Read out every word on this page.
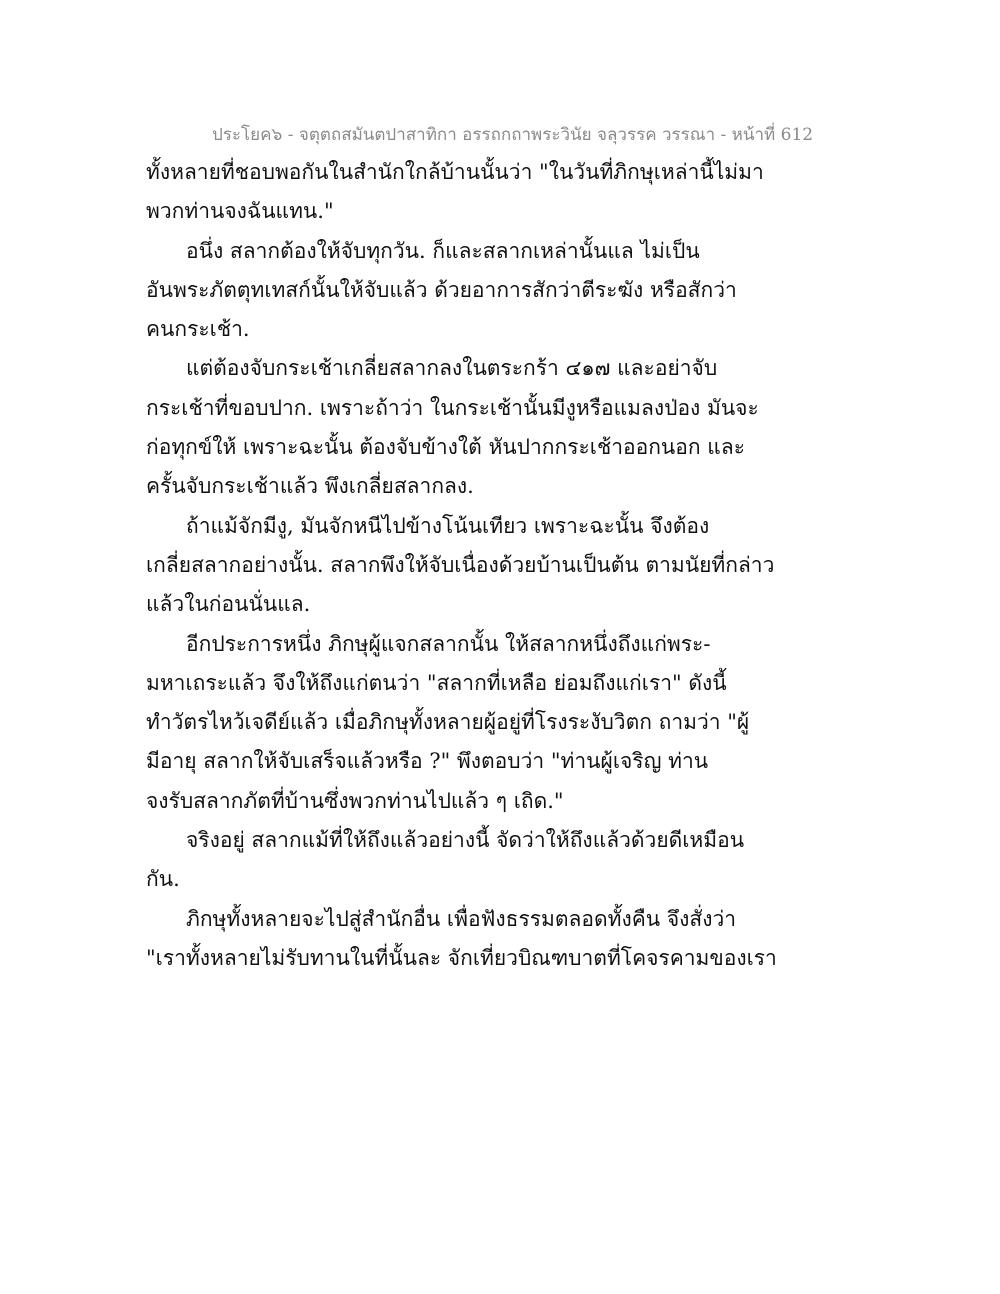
ประโยค๖ - จตุตถสมันตปาสาทิกา อรรถกถาพระวินัย จลุวรรค วรรณา - หน้าที่ 612
ทั้งหลายที่ชอบพอกันในสำนักใกล้บ้านนั้นว่า "ในวันที่ภิกษุเหล่านี้ไม่มา
พวกท่านจงฉันแทน."
อนึ่ง สลากต้องให้จับทุกวัน. ก็และสลากเหล่านั้นแล ไม่เป็น
อันพระภัตตุทเทสก์นั้นให้จับแล้ว ด้วยอาการสักว่าตีระฆัง หรือสักว่า
คนกระเช้า.
แต่ต้องจับกระเช้าเกลี่ยสลากลงในตระกร้า ๔๑๗ และอย่าจับ
กระเช้าที่ขอบปาก. เพราะถ้าว่า ในกระเช้านั้นมีงูหรือแมลงป่อง มันจะ
ก่อทุกข์ให้ เพราะฉะนั้น ต้องจับข้างใต้ หันปากกระเช้าออกนอก และ
ครั้นจับกระเช้าแล้ว พึงเกลี่ยสลากลง.
ถ้าแม้จักมีงู, มันจักหนีไปข้างโน้นเทียว เพราะฉะนั้น จึงต้อง
เกลี่ยสลากอย่างนั้น. สลากพึงให้จับเนื่องด้วยบ้านเป็นต้น ตามนัยที่กล่าว
แล้วในก่อนนั่นแล.
อีกประการหนึ่ง ภิกษุผู้แจกสลากนั้น ให้สลากหนึ่งถึงแก่พระ-
มหาเถระแล้ว จึงให้ถึงแก่ตนว่า "สลากที่เหลือ ย่อมถึงแก่เรา" ดังนี้
ทำวัตรไหว้เจดีย์แล้ว เมื่อภิกษุทั้งหลายผู้อยู่ที่โรงระงับวิตก ถามว่า "ผู้
มีอายุ สลากให้จับเสร็จแล้วหรือ ?" พึงตอบว่า "ท่านผู้เจริญ ท่าน
จงรับสลากภัตที่บ้านซึ่งพวกท่านไปแล้ว ๆ เถิด."
จริงอยู่ สลากแม้ที่ให้ถึงแล้วอย่างนี้ จัดว่าให้ถึงแล้วด้วยดีเหมือน
กัน.
ภิกษุทั้งหลายจะไปสู่สำนักอื่น เพื่อฟังธรรมตลอดทั้งคืน จึงสั่งว่า
"เราทั้งหลายไม่รับทานในที่นั้นละ จักเที่ยวบิณฑบาตที่โคจรคามของเรา
